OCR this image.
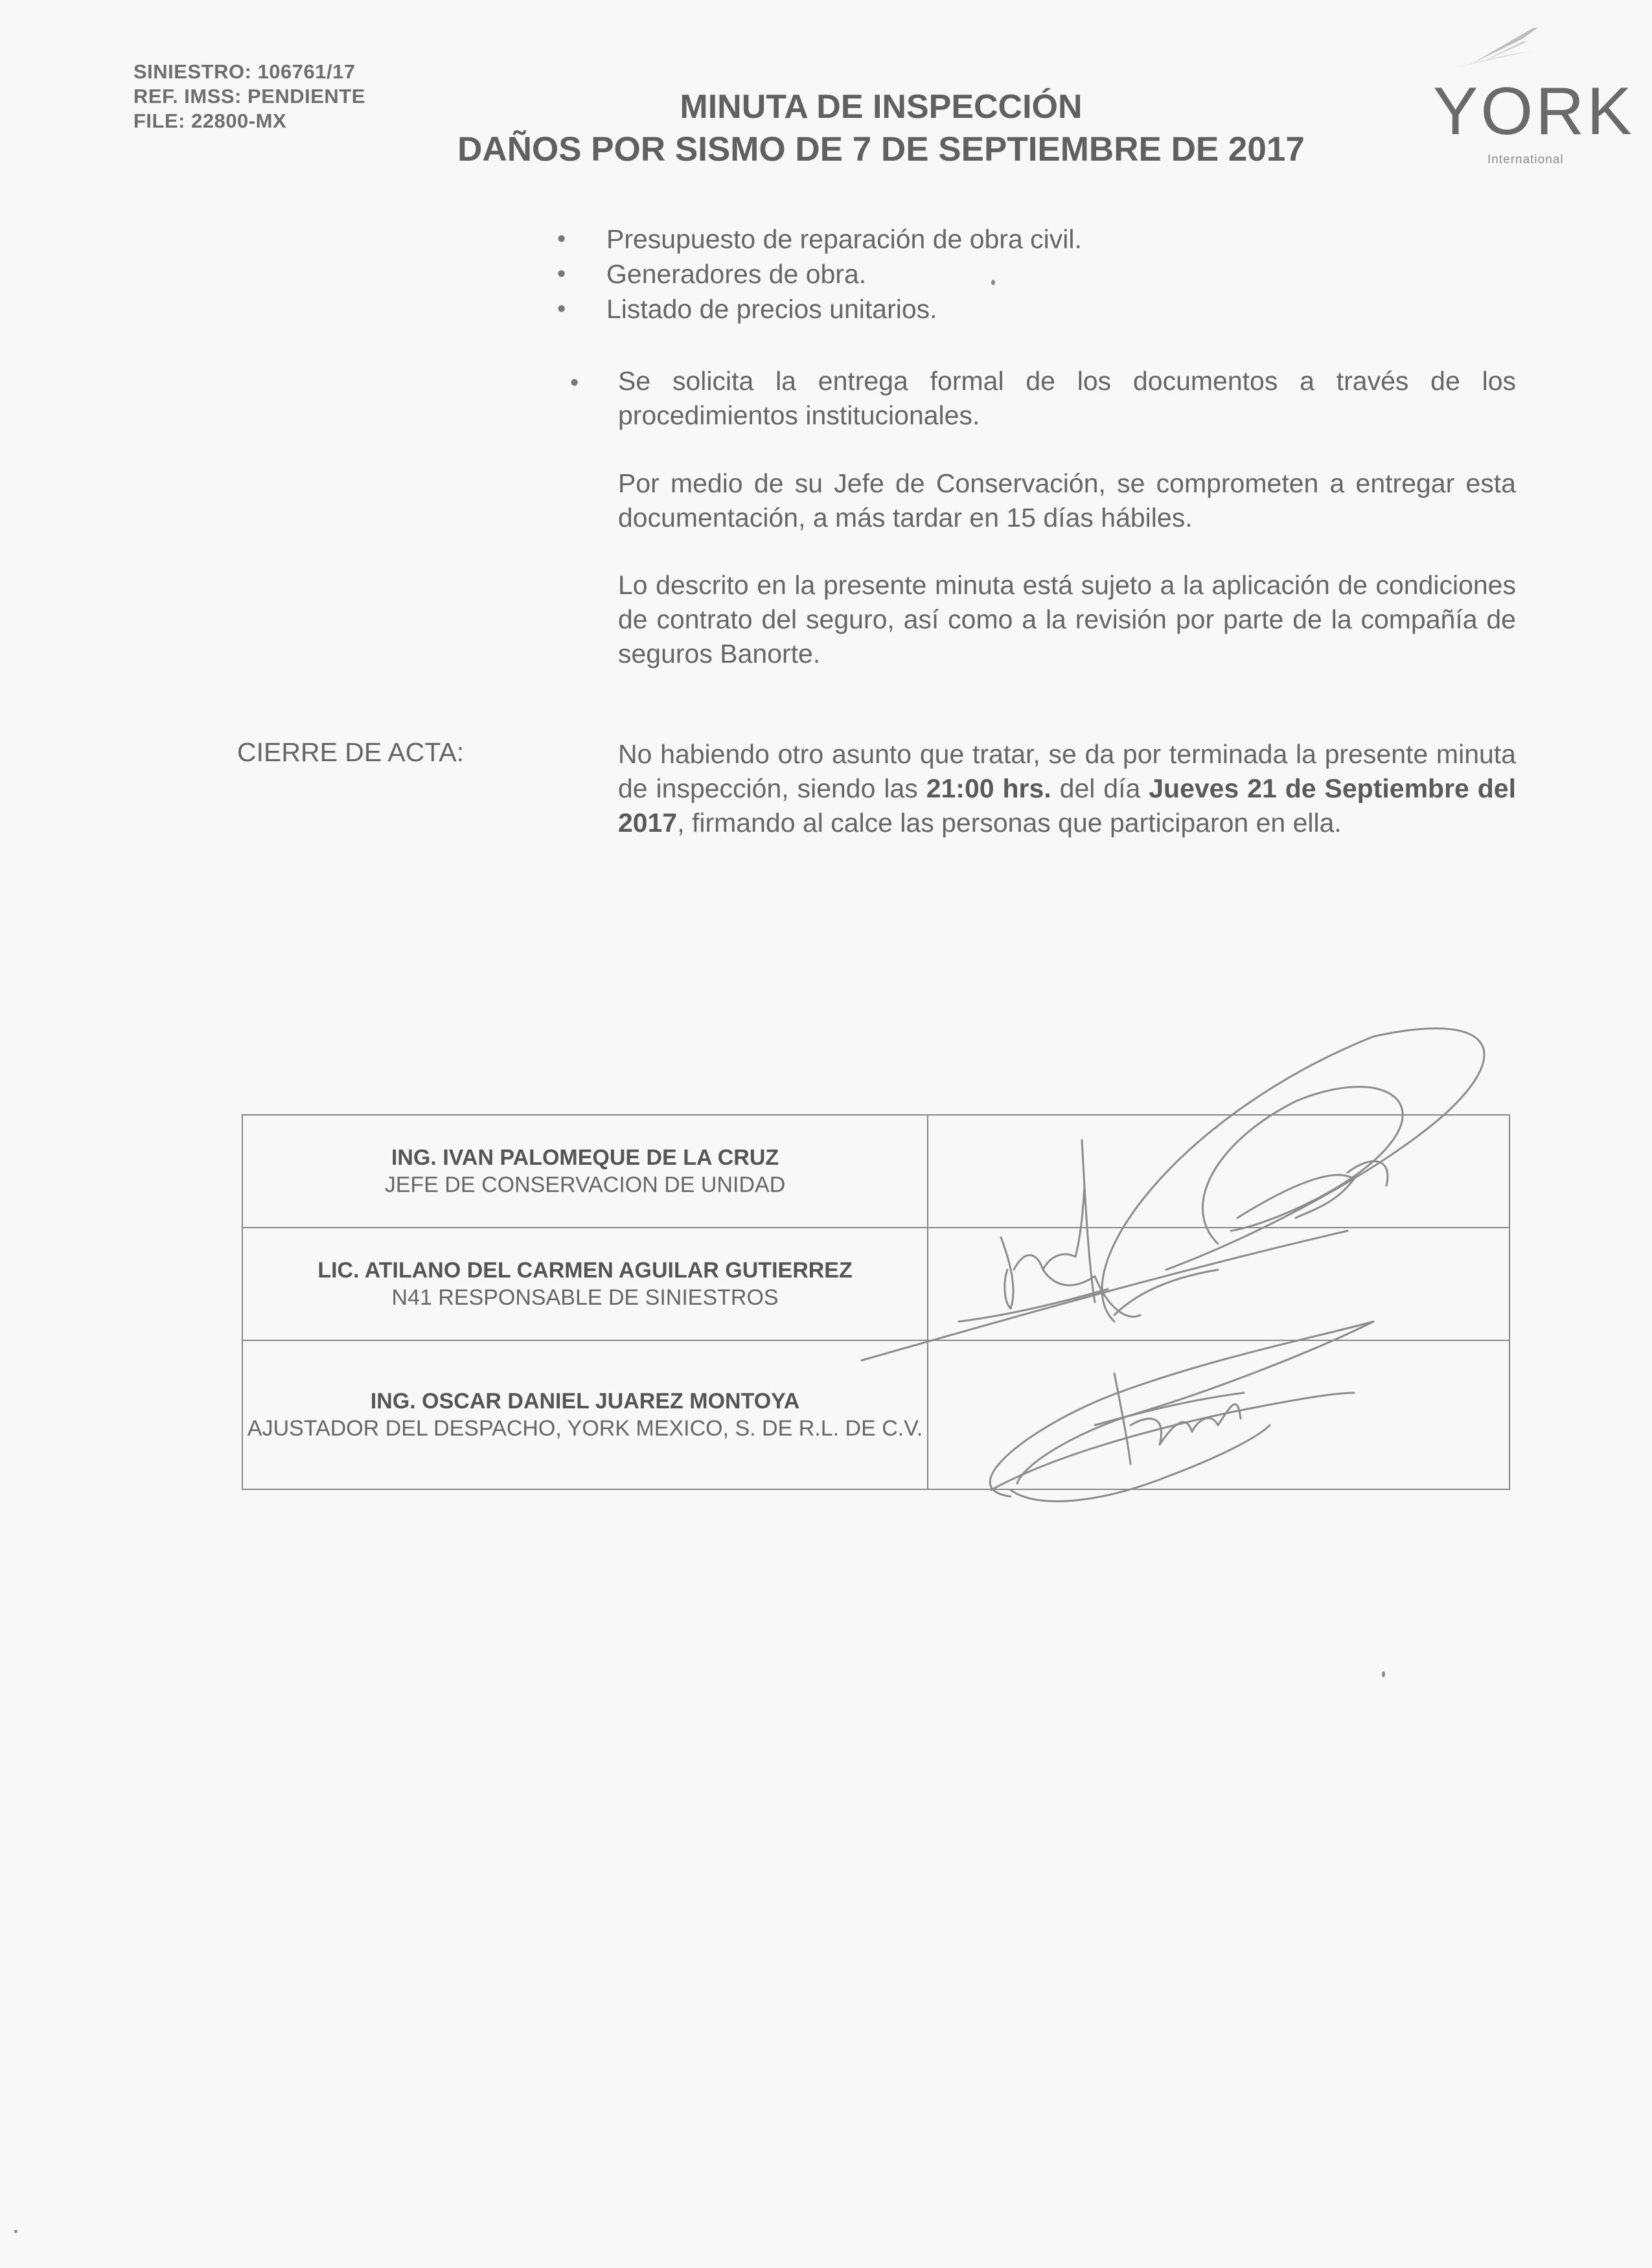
SINIESTRO: 106761/17
REF. IMSS: PENDIENTE
FILE: 22800-MX	MINUTA DE INSPECCIÓN
DAÑOS POR SISMO DE 7 DE SEPTIEMBRE DE 2017
YORK
International
• Presupuesto de reparación de obra civil.
• Generadores de obra.
• Listado de precios unitarios.
• Se solicita la entrega formal de los documentos a través de los procedimientos institucionales.
Por medio de su Jefe de Conservación, se comprometen a entregar esta documentación, a más tardar en 15 días hábiles.
Lo descrito en la presente minuta está sujeto a la aplicación de condiciones de contrato del seguro, así como a la revisión por parte de la compañía de seguros Banorte.
CIERRE DE ACTA:	No habiendo otro asunto que tratar, se da por terminada la presente minuta de inspección, siendo las 21:00 hrs. del día Jueves 21 de Septiembre del 2017, firmando al calce las personas que participaron en ella.
ING. IVAN PALOMEQUE DE LA CRUZ
JEFE DE CONSERVACION DE UNIDAD	

LIC. ATILANO DEL CARMEN AGUILAR GUTIERREZ
N41 RESPONSABLE DE SINIESTROS	

ING. OSCAR DANIEL JUAREZ MONTOYA
AJUSTADOR DEL DESPACHO, YORK MEXICO, S. DE R.L. DE C.V.	
